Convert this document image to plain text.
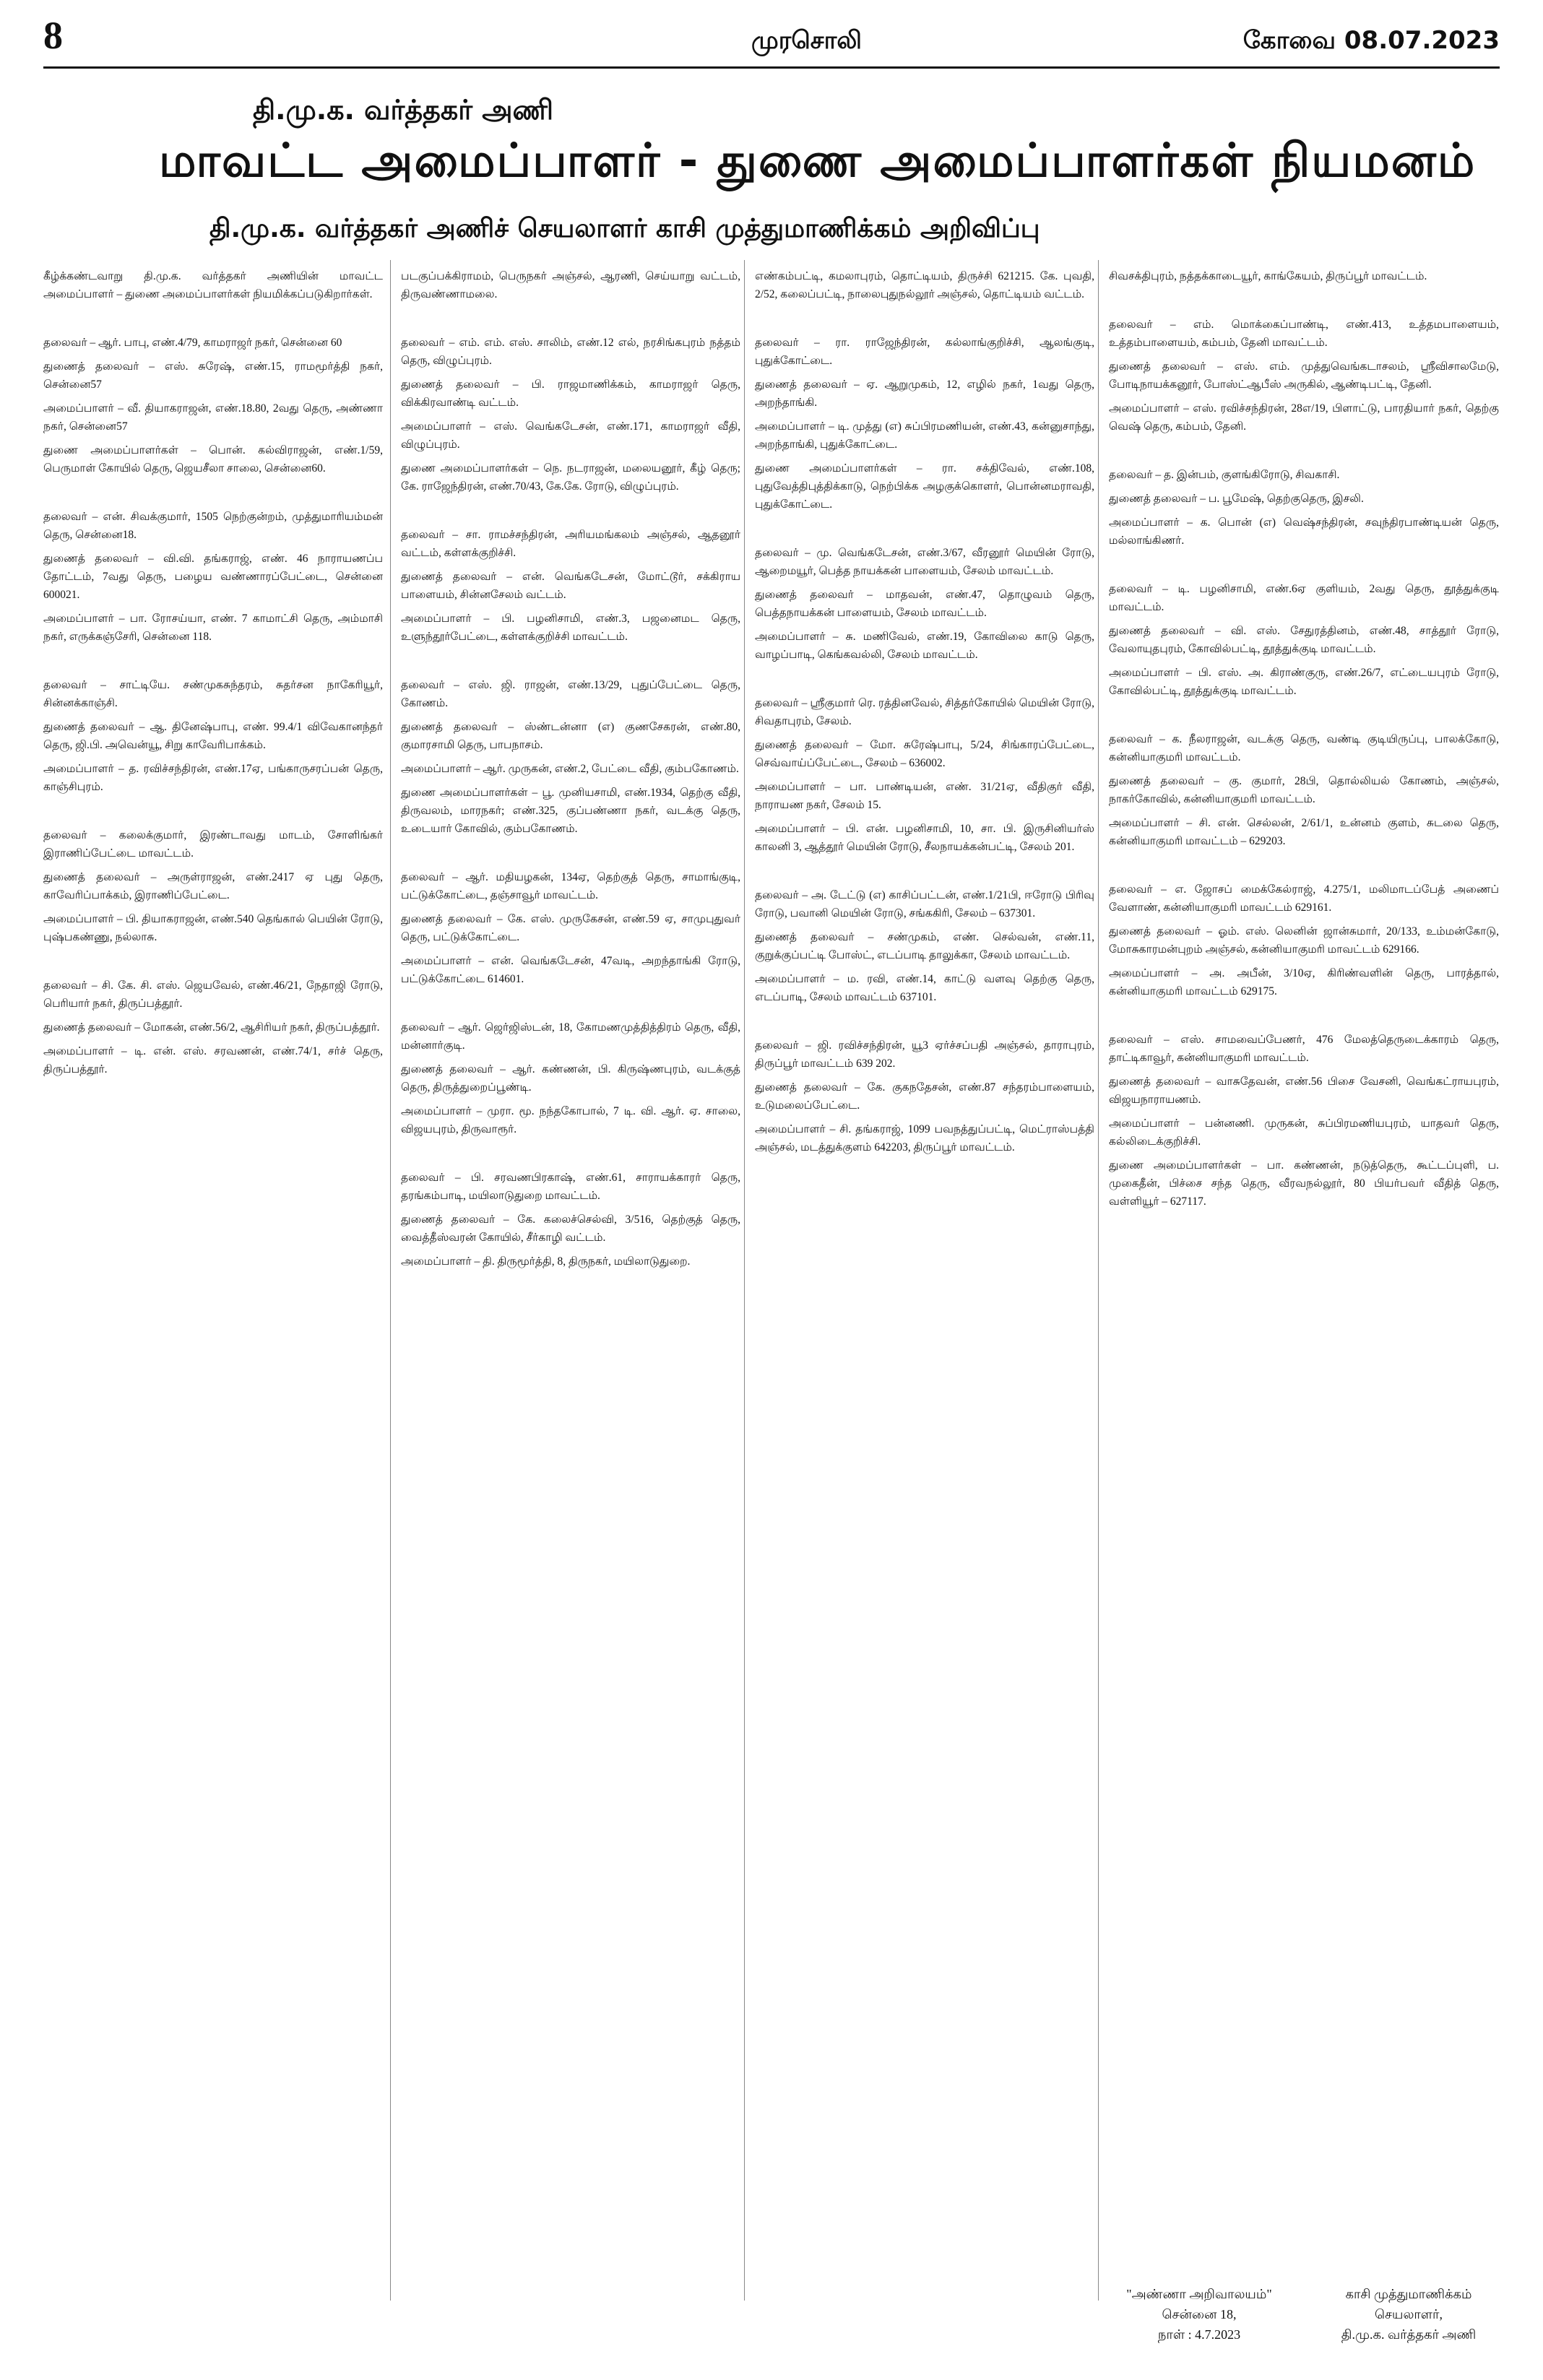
8	முரசொலி	கோவை 08.07.2023
தி.மு.க. வர்த்தகர் அணி
மாவட்ட அமைப்பாளர் - துணை அமைப்பாளர்கள் நியமனம்
தி.மு.க. வர்த்தகர் அணிச் செயலாளர் காசி முத்துமாணிக்கம் அறிவிப்பு
கீழ்க்கண்டவாறு தி.மு.க. வர்த்தகர் அணியின் மாவட்ட அமைப்பாளர் – துணை அமைப்பாளர்கள் நியமிக்கப்படுகிறார்கள்.
தலைவர் – ஆர். பாபு, எண்.4/79, காமராஜர் நகர், சென்னை 60
துணைத் தலைவர் – எஸ். சுரேஷ், எண்.15, ராமமூர்த்தி நகர், சென்னை57
அமைப்பாளர் – வீ. தியாகராஜன், எண்.18.80, 2வது தெரு, அண்ணா நகர், சென்னை57
துணை அமைப்பாளர்கள் – பொன். கல்விராஜன், எண்.1/59, பெருமாள் கோயில் தெரு, ஜெயசீலா சாலை, சென்னை60.
தலைவர் – என். சிவக்குமார், 1505 நெற்குன்றம், முத்துமாரியம்மன் தெரு, சென்னை18.
துணைத் தலைவர் – வி.வி. தங்கராஜ், எண். 46 நாராயணப்ப தோட்டம், 7வது தெரு, பழைய வண்ணாரப்பேட்டை, சென்னை 600021.
அமைப்பாளர் – பா. ரோசய்யா, எண். 7 காமாட்சி தெரு, அம்மாசி நகர், எருக்கஞ்சேரி, சென்னை 118.
தலைவர் – சாட்டியே. சண்முகசுந்தரம், சுதர்சன நாகேரியூர், சின்னக்காஞ்சி.
துணைத் தலைவர் – ஆ. தினேஷ்பாபு, எண். 99.4/1 விவேகானந்தர் தெரு, ஜி.பி. அவென்யூ, சிறு காவேரிபாக்கம்.
அமைப்பாளர் – த. ரவிச்சந்திரன், எண்.17ஏ, பங்காருசரப்பன் தெரு, காஞ்சிபுரம்.
தலைவர் – கலைக்குமார், இரண்டாவது மாடம், சோளிங்கர் இராணிப்பேட்டை மாவட்டம்.
துணைத் தலைவர் – அருள்ராஜன், எண்.2417 ஏ புது தெரு, காவேரிப்பாக்கம், இராணிப்பேட்டை.
அமைப்பாளர் – பி. தியாகராஜன், எண்.540 தெங்கால் பெயின் ரோடு, புஷ்பகண்ணு, நல்லாசு.
தலைவர் – சி. கே. சி. எஸ். ஜெயவேல், எண்.46/21, நேதாஜி ரோடு, பெரியார் நகர், திருப்பத்தூர்.
துணைத் தலைவர் – மோகன், எண்.56/2, ஆசிரியர் நகர், திருப்பத்தூர்.
அமைப்பாளர் – டி. என். எஸ். சரவணன், எண்.74/1, சர்ச் தெரு, திருப்பத்தூர்.
படகுப்பக்கிராமம், பெருநகர் அஞ்சல், ஆரணி, செய்யாறு வட்டம், திருவண்ணாமலை.
தலைவர் – எம். எம். எஸ். சாலிம், எண்.12 எல், நரசிங்கபுரம் நத்தம் தெரு, விழுப்புரம்.
துணைத் தலைவர் – பி. ராஜமாணிக்கம், காமராஜர் தெரு, விக்கிரவாண்டி வட்டம்.
அமைப்பாளர் – எஸ். வெங்கடேசன், எண்.171, காமராஜர் வீதி, விழுப்புரம்.
துணை அமைப்பாளர்கள் – நெ. நடராஜன், மலையனூர், கீழ் தெரு; கே. ராஜேந்திரன், எண்.70/43, கே.கே. ரோடு, விழுப்புரம்.
தலைவர் – சா. ராமச்சந்திரன், அரியமங்கலம் அஞ்சல், ஆதனூர் வட்டம், கள்ளக்குறிச்சி.
துணைத் தலைவர் – என். வெங்கடேசன், மோட்டூர், சக்கிராய பாளையம், சின்னசேலம் வட்டம்.
அமைப்பாளர் – பி. பழனிசாமி, எண்.3, பஜனைமட தெரு, உளுந்தூர்பேட்டை, கள்ளக்குறிச்சி மாவட்டம்.
தலைவர் – எஸ். ஜி. ராஜன், எண்.13/29, புதுப்பேட்டை தெரு, கோணம்.
துணைத் தலைவர் – ஸ்ண்டன்னா (எ) குணசேகரன், எண்.80, குமாரசாமி தெரு, பாபநாசம்.
அமைப்பாளர் – ஆர். முருகன், எண்.2, பேட்டை வீதி, கும்பகோணம்.
துணை அமைப்பாளர்கள் – பூ. முனியசாமி, எண்.1934, தெற்கு வீதி, திருவலம், மாரநகர்; எண்.325, குப்பண்ணா நகர், வடக்கு தெரு, உடையார் கோவில், கும்பகோணம்.
தலைவர் – ஆர். மதியழகன், 134ஏ, தெற்குத் தெரு, சாமாங்குடி, பட்டுக்கோட்டை, தஞ்சாவூர் மாவட்டம்.
துணைத் தலைவர் – கே. எஸ். முருகேசன், எண்.59 ஏ, சாமுபுதுவர் தெரு, பட்டுக்கோட்டை.
அமைப்பாளர் – என். வெங்கடேசன், 47வடி, அறந்தாங்கி ரோடு, பட்டுக்கோட்டை 614601.
தலைவர் – ஆர். ஜெர்ஜிஸ்டன், 18, கோமணமுத்தித்திரம் தெரு, வீதி, மன்னார்குடி.
துணைத் தலைவர் – ஆர். கண்ணன், பி. கிருஷ்ணபுரம், வடக்குத் தெரு, திருத்துறைப்பூண்டி.
அமைப்பாளர் – முரா. மூ. நந்தகோபால், 7 டி. வி. ஆர். ஏ. சாலை, விஜயபுரம், திருவாரூர்.
தலைவர் – பி. சரவணபிரகாஷ், எண்.61, சாராயக்காரர் தெரு, தரங்கம்பாடி, மயிலாடுதுறை மாவட்டம்.
துணைத் தலைவர் – கே. கலைச்செல்வி, 3/516, தெற்குத் தெரு, வைத்தீஸ்வரன் கோயில், சீர்காழி வட்டம்.
அமைப்பாளர் – தி. திருமூர்த்தி, 8, திருநகர், மயிலாடுதுறை.
எண்கம்பட்டி, கமலாபுரம், தொட்டியம், திருச்சி 621215. கே. புவதி, 2/52, கலைப்பட்டி, நாலைபுதுநல்லூர் அஞ்சல், தொட்டியம் வட்டம்.
தலைவர் – ரா. ராஜேந்திரன், கல்லாங்குறிச்சி, ஆலங்குடி, புதுக்கோட்டை.
துணைத் தலைவர் – ஏ. ஆறுமுகம், 12, எழில் நகர், 1வது தெரு, அறந்தாங்கி.
அமைப்பாளர் – டி. முத்து (எ) சுப்பிரமணியன், எண்.43, கன்னுசாந்து, அறந்தாங்கி, புதுக்கோட்டை.
துணை அமைப்பாளர்கள் – ரா. சக்திவேல், எண்.108, புதுவேத்திபுத்திக்காடு, நெற்பிக்க அழகுக்கொளர், பொன்னமராவதி, புதுக்கோட்டை.
தலைவர் – மு. வெங்கடேசன், எண்.3/67, வீரனூர் மெயின் ரோடு, ஆறைமயூர், பெத்த நாயக்கன் பாளையம், சேலம் மாவட்டம்.
துணைத் தலைவர் – மாதவன், எண்.47, தொழுவம் தெரு, பெத்தநாயக்கன் பாளையம், சேலம் மாவட்டம்.
அமைப்பாளர் – சு. மணிவேல், எண்.19, கோவிலை காடு தெரு, வாழப்பாடி, கெங்கவல்லி, சேலம் மாவட்டம்.
தலைவர் – ஸ்ரீகுமார் ரெ. ரத்தினவேல், சித்தர்கோயில் மெயின் ரோடு, சிவதாபுரம், சேலம்.
துணைத் தலைவர் – மோ. சுரேஷ்பாபு, 5/24, சிங்காரப்பேட்டை, செவ்வாய்ப்பேட்டை, சேலம் – 636002.
அமைப்பாளர் – பா. பாண்டியன், எண். 31/21ஏ, வீதிகுர் வீதி, நாராயண நகர், சேலம் 15.
அமைப்பாளர் – பி. என். பழனிசாமி, 10, சா. பி. இருசினியர்ஸ் காலனி 3, ஆத்தூர் மெயின் ரோடு, சீலநாயக்கன்பட்டி, சேலம் 201.
தலைவர் – அ. டேட்டு (எ) காசிப்பட்டன், எண்.1/21பி, ஈரோடு பிரிவு ரோடு, பவானி மெயின் ரோடு, சங்ககிரி, சேலம் – 637301.
துணைத் தலைவர் – சண்முகம், எண். செல்வன், எண்.11, குறுக்குப்பட்டி போஸ்ட், எடப்பாடி தாலுக்கா, சேலம் மாவட்டம்.
அமைப்பாளர் – ம. ரவி, எண்.14, காட்டு வளவு தெற்கு தெரு, எடப்பாடி, சேலம் மாவட்டம் 637101.
தலைவர் – ஜி. ரவிச்சந்திரன், யூ3 ஏர்ச்சப்பதி அஞ்சல், தாராபுரம், திருப்பூர் மாவட்டம் 639 202.
துணைத் தலைவர் – கே. குகநதேசன், எண்.87 சந்தரம்பாளையம், உடுமலைப்பேட்டை.
அமைப்பாளர் – சி. தங்கராஜ், 1099 பவநத்துப்பட்டி, மெட்ராஸ்பத்தி அஞ்சல், மடத்துக்குளம் 642203, திருப்பூர் மாவட்டம்.
சிவசக்திபுரம், நத்தக்காடையூர், காங்கேயம், திருப்பூர் மாவட்டம்.
தலைவர் – எம். மொக்கைப்பாண்டி, எண்.413, உத்தமபாளையம், உத்தம்பாளையம், கம்பம், தேனி மாவட்டம்.
துணைத் தலைவர் – எஸ். எம். முத்துவெங்கடாசலம், ஸ்ரீவிசாலமேடு, போடிநாயக்கனூர், போஸ்ட்ஆபீஸ் அருகில், ஆண்டிபட்டி, தேனி.
அமைப்பாளர் – எஸ். ரவிச்சந்திரன், 28எ/19, பிளாட்டு, பாரதியார் நகர், தெற்கு வெஷ் தெரு, கம்பம், தேனி.
தலைவர் – த. இன்பம், குளங்கிரோடு, சிவகாசி.
துணைத் தலைவர் – ப. பூமேஷ், தெற்குதெரு, இசலி.
அமைப்பாளர் – க. பொன் (எ) வெஷ்சந்திரன், சவுந்திரபாண்டியன் தெரு, மல்லாங்கிணர்.
தலைவர் – டி. பழனிசாமி, எண்.6ஏ குளியம், 2வது தெரு, தூத்துக்குடி மாவட்டம்.
துணைத் தலைவர் – வி. எஸ். சேதுரத்தினம், எண்.48, சாத்தூர் ரோடு, வேலாயுதபுரம், கோவில்பட்டி, தூத்துக்குடி மாவட்டம்.
அமைப்பாளர் – பி. எஸ். அ. கிராண்குரு, எண்.26/7, எட்டையபுரம் ரோடு, கோவில்பட்டி, தூத்துக்குடி மாவட்டம்.
தலைவர் – க. நீலராஜன், வடக்கு தெரு, வண்டி குடியிருப்பு, பாலக்கோடு, கன்னியாகுமரி மாவட்டம்.
துணைத் தலைவர் – கு. குமார், 28பி, தொல்லியல் கோணம், அஞ்சல், நாகர்கோவில், கன்னியாகுமரி மாவட்டம்.
அமைப்பாளர் – சி. என். செல்லன், 2/61/1, உன்னம் குளம், சுடலை தெரு, கன்னியாகுமரி மாவட்டம் – 629203.
தலைவர் – எ. ஜோசப் மைக்கேல்ராஜ், 4.275/1, மலிமாடப்பேத் அணைப் வேளாண், கன்னியாகுமரி மாவட்டம் 629161.
துணைத் தலைவர் – ஓம். எஸ். லெனின் ஜான்சுமார், 20/133, உம்மன்கோடு, மோசுகாரமன்புறம் அஞ்சல், கன்னியாகுமரி மாவட்டம் 629166.
அமைப்பாளர் – அ. அபீன், 3/10ஏ, கிரிண்வளின் தெரு, பாரத்தால், கன்னியாகுமரி மாவட்டம் 629175.
தலைவர் – எஸ். சாமவைப்பேணர், 476 மேலத்தெருடைக்காரம் தெரு, தாட்டிகாவூர், கன்னியாகுமரி மாவட்டம்.
துணைத் தலைவர் – வாசுதேவன், எண்.56 பிசை வேசனி, வெங்கட்ராயபுரம், விஜயநாராயணம்.
அமைப்பாளர் – பன்னணி. முருகன், சுப்பிரமணியபுரம், யாதவர் தெரு, கல்லிடைக்குறிச்சி.
துணை அமைப்பாளர்கள் – பா. கண்ணன், நடுத்தெரு, கூட்டப்புளி, ப. முகைதீன், பிச்சை சந்த தெரு, வீரவநல்லூர், 80 பியர்பவர் வீதித் தெரு, வள்ளியூர் – 627117.
"அண்ணா அறிவாலயம்"
சென்னை 18,
நாள் : 4.7.2023
காசி முத்துமாணிக்கம்
செயலாளர்,
தி.மு.க. வர்த்தகர் அணி
